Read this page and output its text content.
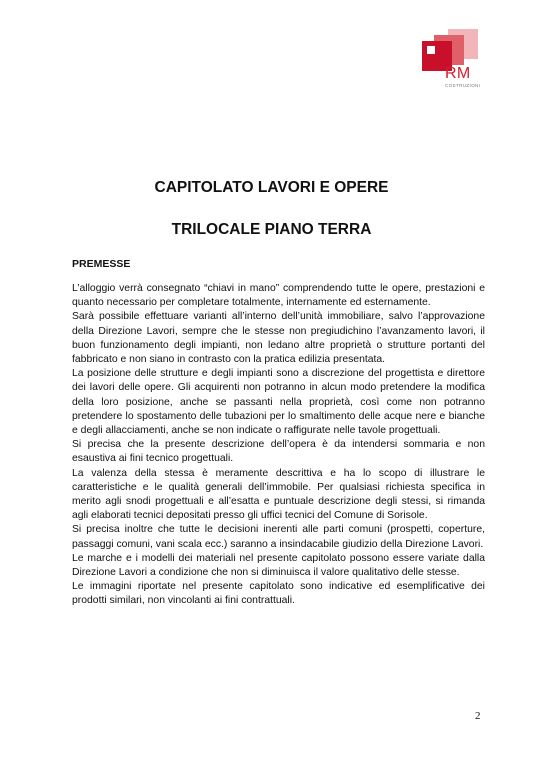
RM
COSTRUZIONI
CAPITOLATO LAVORI E OPERE
TRILOCALE PIANO TERRA
PREMESSE

L’alloggio verrà consegnato “chiavi in mano” comprendendo tutte le opere, prestazioni e quanto necessario per completare totalmente, internamente ed esternamente.

Sarà possibile effettuare varianti all’interno dell’unità immobiliare, salvo l’approvazione della Direzione Lavori, sempre che le stesse non pregiudichino l’avanzamento lavori, il buon funzionamento degli impianti, non ledano altre proprietà o strutture portanti del fabbricato e non siano in contrasto con la pratica edilizia presentata.

La posizione delle strutture e degli impianti sono a discrezione del progettista e direttore dei lavori delle opere. Gli acquirenti non potranno in alcun modo pretendere la modifica della loro posizione, anche se passanti nella proprietà, così come non potranno pretendere lo spostamento delle tubazioni per lo smaltimento delle acque nere e bianche e degli allacciamenti, anche se non indicate o raffigurate nelle tavole progettuali.

Si precisa che la presente descrizione dell’opera è da intendersi sommaria e non esaustiva ai fini tecnico progettuali.

La valenza della stessa è meramente descrittiva e ha lo scopo di illustrare le caratteristiche e le qualità generali dell’immobile. Per qualsiasi richiesta specifica in merito agli snodi progettuali e all’esatta e puntuale descrizione degli stessi, si rimanda agli elaborati tecnici depositati presso gli uffici tecnici del Comune di Sorisole.

Si precisa inoltre che tutte le decisioni inerenti alle parti comuni (prospetti, coperture, passaggi comuni, vani scala ecc.) saranno a insindacabile giudizio della Direzione Lavori.

Le marche e i modelli dei materiali nel presente capitolato possono essere variate dalla Direzione Lavori a condizione che non si diminuisca il valore qualitativo delle stesse.

Le immagini riportate nel presente capitolato sono indicative ed esemplificative dei prodotti similari, non vincolanti ai fini contrattuali.

2
